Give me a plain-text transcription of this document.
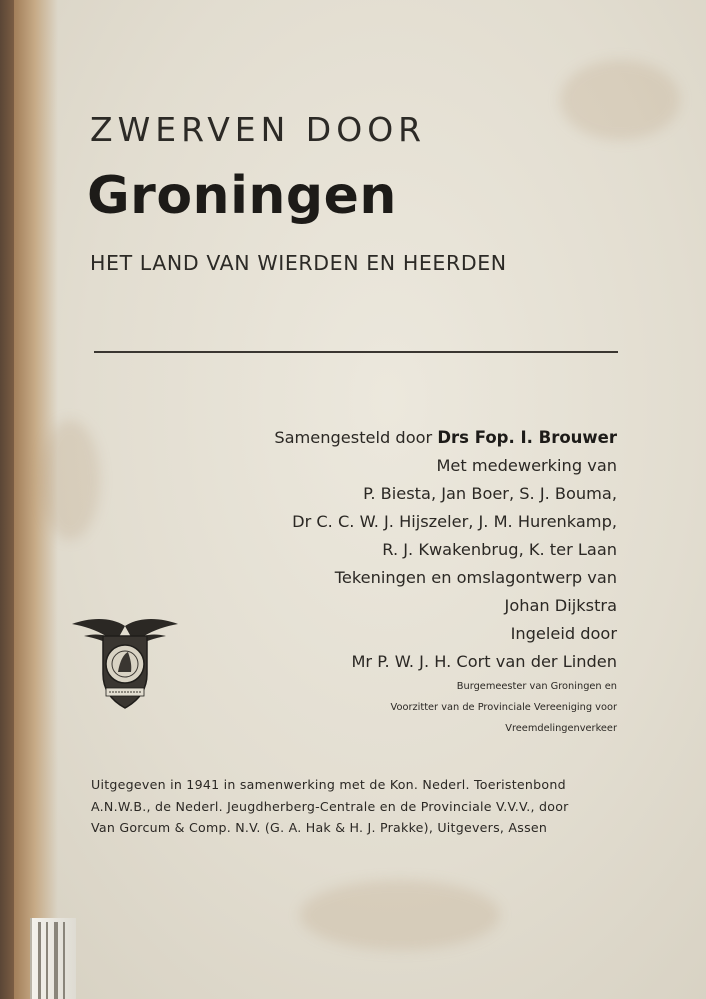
ZWERVEN DOOR
Groningen
HET LAND VAN WIERDEN EN HEERDEN
Samengesteld door Drs Fop. I. Brouwer
Met medewerking van
P. Biesta, Jan Boer, S. J. Bouma,
Dr C. C. W. J. Hijszeler, J. M. Hurenkamp,
R. J. Kwakenbrug, K. ter Laan
Tekeningen en omslagontwerp van
Johan Dijkstra
Ingeleid door
Mr P. W. J. H. Cort van der Linden
Burgemeester van Groningen en
Voorzitter van de Provinciale Vereeniging voor
Vreemdelingenverkeer
Uitgegeven in 1941 in samenwerking met de Kon. Nederl. Toeristenbond
A.N.W.B., de Nederl. Jeugdherberg-Centrale en de Provinciale V.V.V., door
Van Gorcum & Comp. N.V. (G. A. Hak & H. J. Prakke), Uitgevers, Assen
